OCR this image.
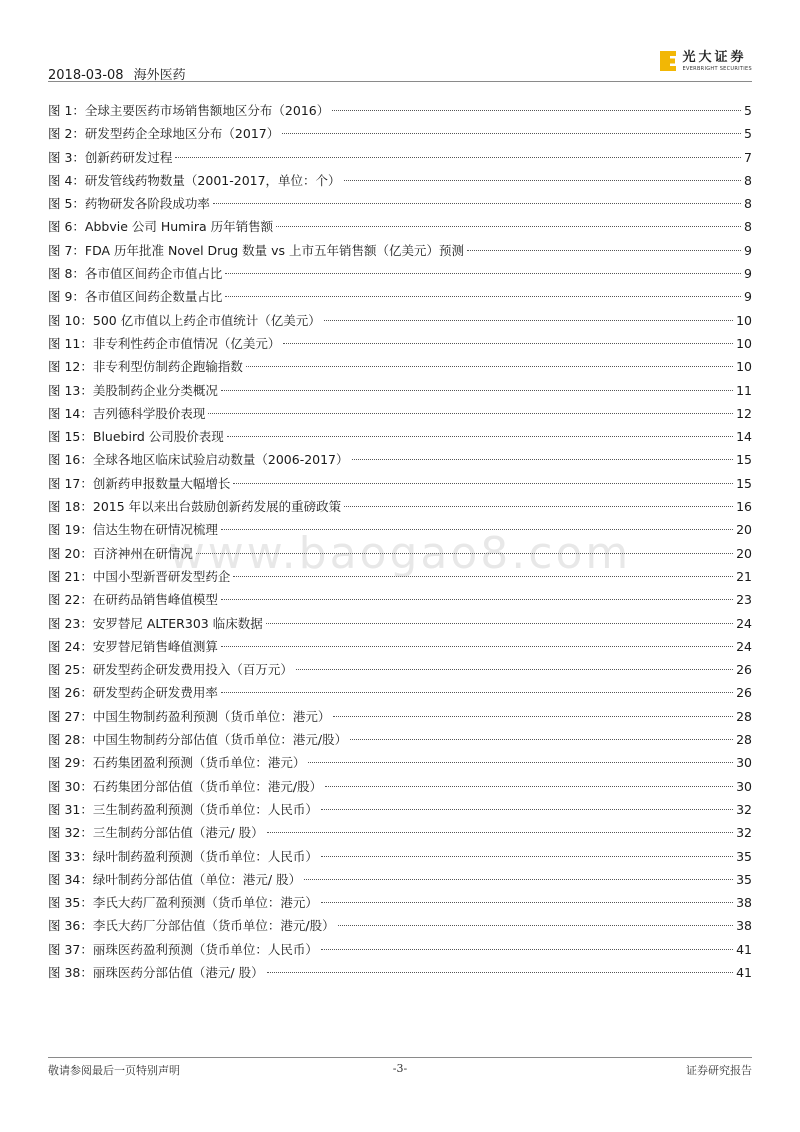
2018-03-08 海外医药
光大证券
EVERBRIGHT SECURITIES
图 1：全球主要医药市场销售额地区分布（2016）	5
图 2：研发型药企全球地区分布（2017）	5
图 3：创新药研发过程	7
图 4：研发管线药物数量（2001-2017，单位：个）	8
图 5：药物研发各阶段成功率	8
图 6：Abbvie 公司 Humira 历年销售额	8
图 7：FDA 历年批准 Novel Drug 数量 vs 上市五年销售额（亿美元）预测	9
图 8：各市值区间药企市值占比	9
图 9：各市值区间药企数量占比	9
图 10：500 亿市值以上药企市值统计（亿美元）	10
图 11：非专利性药企市值情况（亿美元）	10
图 12：非专利型仿制药企跑输指数	10
图 13：美股制药企业分类概况	11
图 14：吉列德科学股价表现	12
图 15：Bluebird 公司股价表现	14
图 16：全球各地区临床试验启动数量（2006-2017）	15
图 17：创新药申报数量大幅增长	15
图 18：2015 年以来出台鼓励创新药发展的重磅政策	16
图 19：信达生物在研情况梳理	20
图 20：百济神州在研情况	20
图 21：中国小型新晋研发型药企	21
图 22：在研药品销售峰值模型	23
图 23：安罗替尼 ALTER303 临床数据	24
图 24：安罗替尼销售峰值测算	24
图 25：研发型药企研发费用投入（百万元）	26
图 26：研发型药企研发费用率	26
图 27：中国生物制药盈利预测（货币单位：港元）	28
图 28：中国生物制药分部估值（货币单位：港元/股）	28
图 29：石药集团盈利预测（货币单位：港元）	30
图 30：石药集团分部估值（货币单位：港元/股）	30
图 31：三生制药盈利预测（货币单位：人民币）	32
图 32：三生制药分部估值（港元/ 股）	32
图 33：绿叶制药盈利预测（货币单位：人民币）	35
图 34：绿叶制药分部估值（单位：港元/ 股）	35
图 35：李氏大药厂盈利预测（货币单位：港元）	38
图 36：李氏大药厂分部估值（货币单位：港元/股）	38
图 37：丽珠医药盈利预测（货币单位：人民币）	41
图 38：丽珠医药分部估值（港元/ 股）	41
www.baogao8.com
敬请参阅最后一页特别声明	-3-	证券研究报告
